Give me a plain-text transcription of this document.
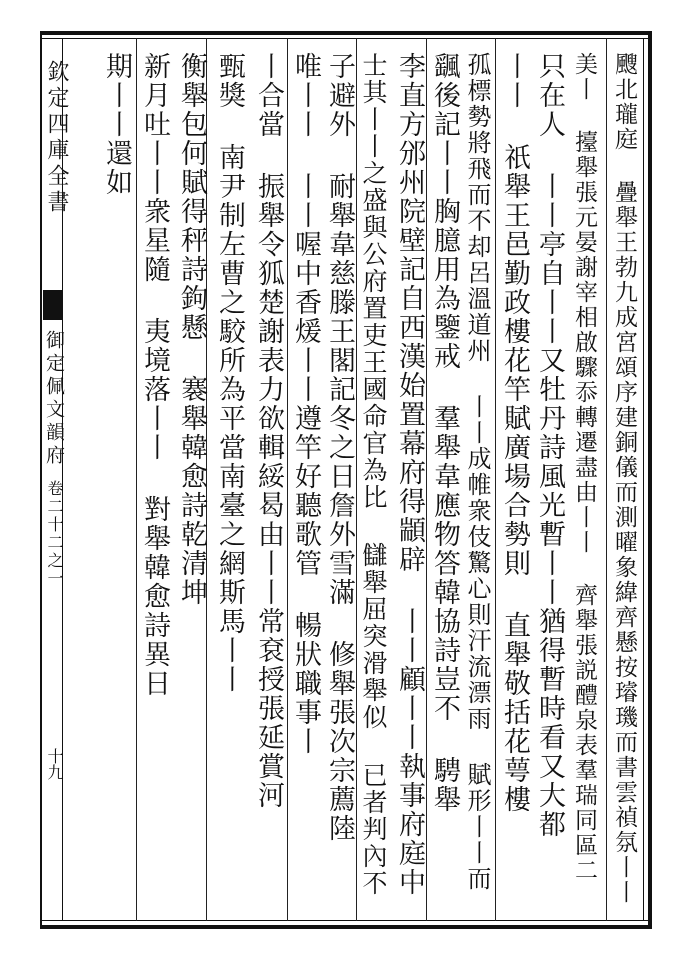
欽定四庫全書
御定佩文韻府
卷二十二之一
十九	颼北瓏庭 疊舉王勃九成宮頌序建銅儀而測曜象緯齊懸按璿璣而書雲禎氛丨丨
美丨 擡舉張元晏謝宰相啟驟忝轉遷盡由丨丨 齊舉張説醴泉表羣瑞同區二
只在人 丨丨亭自丨丨又牡丹詩風光暫丨丨猶得暫時看又大都
丨丨 祇舉王邑勤政樓花竿賦廣場合勢則 直舉敬括花萼樓
孤標勢將飛而不却呂溫道州 丨丨成帷衆伎驚心則汗流漂雨 賦形丨丨而
颻後記丨丨胸臆用為鑒戒 羣舉韋應物答韓協詩豈不 騁舉
李直方邠州院壁記自西漢始置幕府得顓辟 丨丨顧丨丨執事府庭中
士其丨丨之盛與公府置吏王國命官為比 讎舉屈突滑舉似 已者判內不
子避外 耐舉韋慈滕王閣記冬之日詹外雪滿 修舉張次宗薦陸
唯丨丨 丨丨喔中香煖丨丨遵竿好聽歌管 暢狀職事丨
丨合當 振舉令狐楚謝表力欲輯綏曷由丨丨常袞授張延賞河
甄獎 南尹制左曹之駮所為平當南臺之網斯馬丨丨
衡舉包何賦得秤詩鉤懸 褰舉韓愈詩乾清坤
新月吐丨丨衆星隨 夷境落丨丨 對舉韓愈詩異日
期丨丨還如
